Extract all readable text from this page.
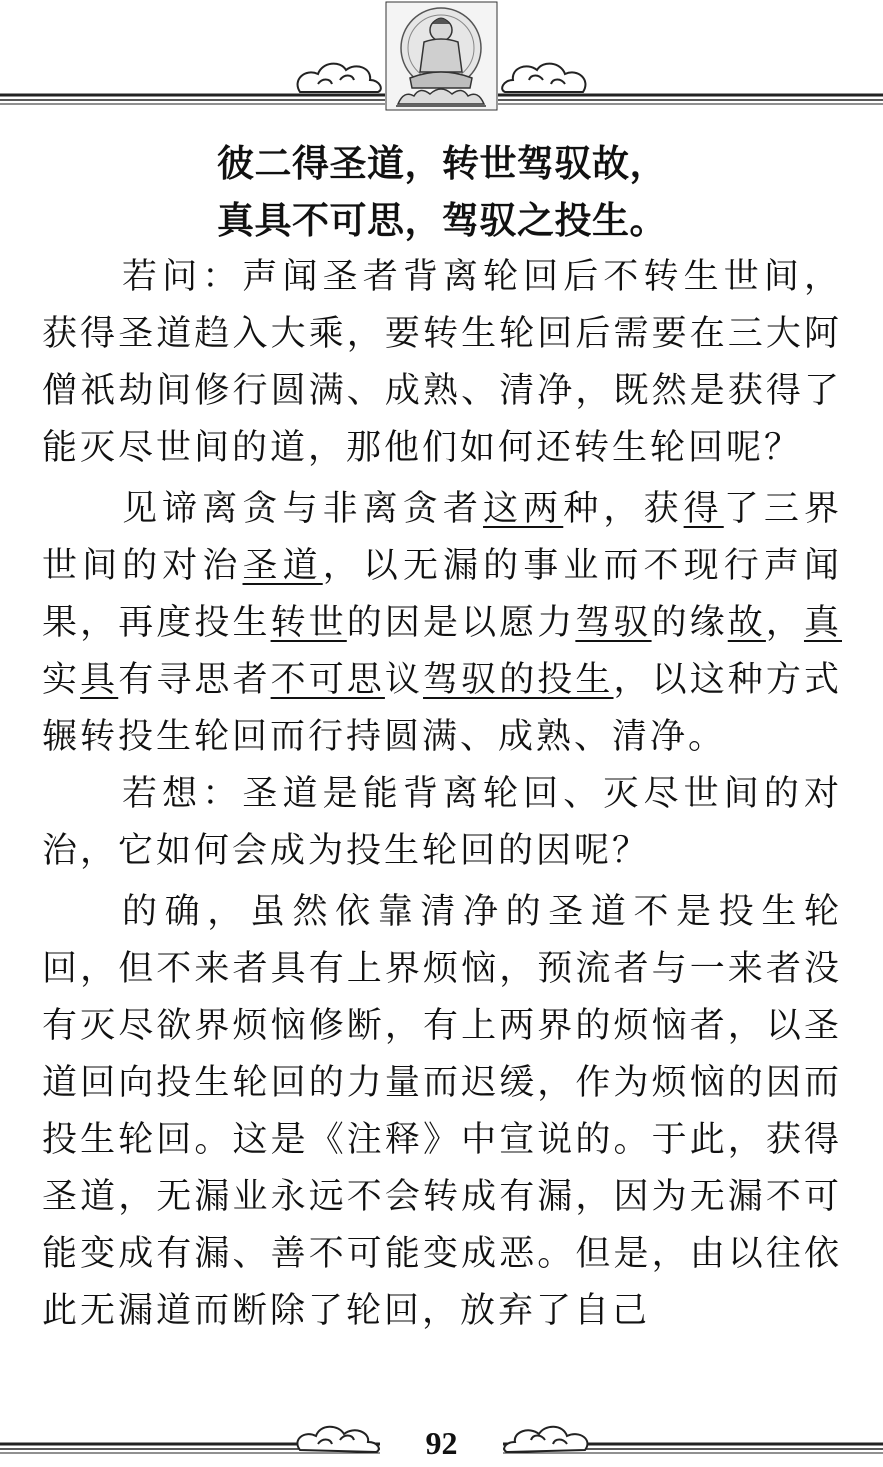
彼二得圣道，转世驾驭故，

真具不可思，驾驭之投生。

若问：声闻圣者背离轮回后不转生世间，获得圣道趋入大乘，要转生轮回后需要在三大阿僧祇劫间修行圆满、成熟、清净，既然是获得了能灭尽世间的道，那他们如何还转生轮回呢？

见谛离贪与非离贪者这两种，获得了三界世间的对治圣道，以无漏的事业而不现行声闻果，再度投生转世的因是以愿力驾驭的缘故，真实具有寻思者不可思议驾驭的投生，以这种方式辗转投生轮回而行持圆满、成熟、清净。

若想：圣道是能背离轮回、灭尽世间的对治，它如何会成为投生轮回的因呢？

的确，虽然依靠清净的圣道不是投生轮回，但不来者具有上界烦恼，预流者与一来者没有灭尽欲界烦恼修断，有上两界的烦恼者，以圣道回向投生轮回的力量而迟缓，作为烦恼的因而投生轮回。这是《注释》中宣说的。于此，获得圣道，无漏业永远不会转成有漏，因为无漏不可能变成有漏、善不可能变成恶。但是，由以往依此无漏道而断除了轮回，放弃了自己

92
